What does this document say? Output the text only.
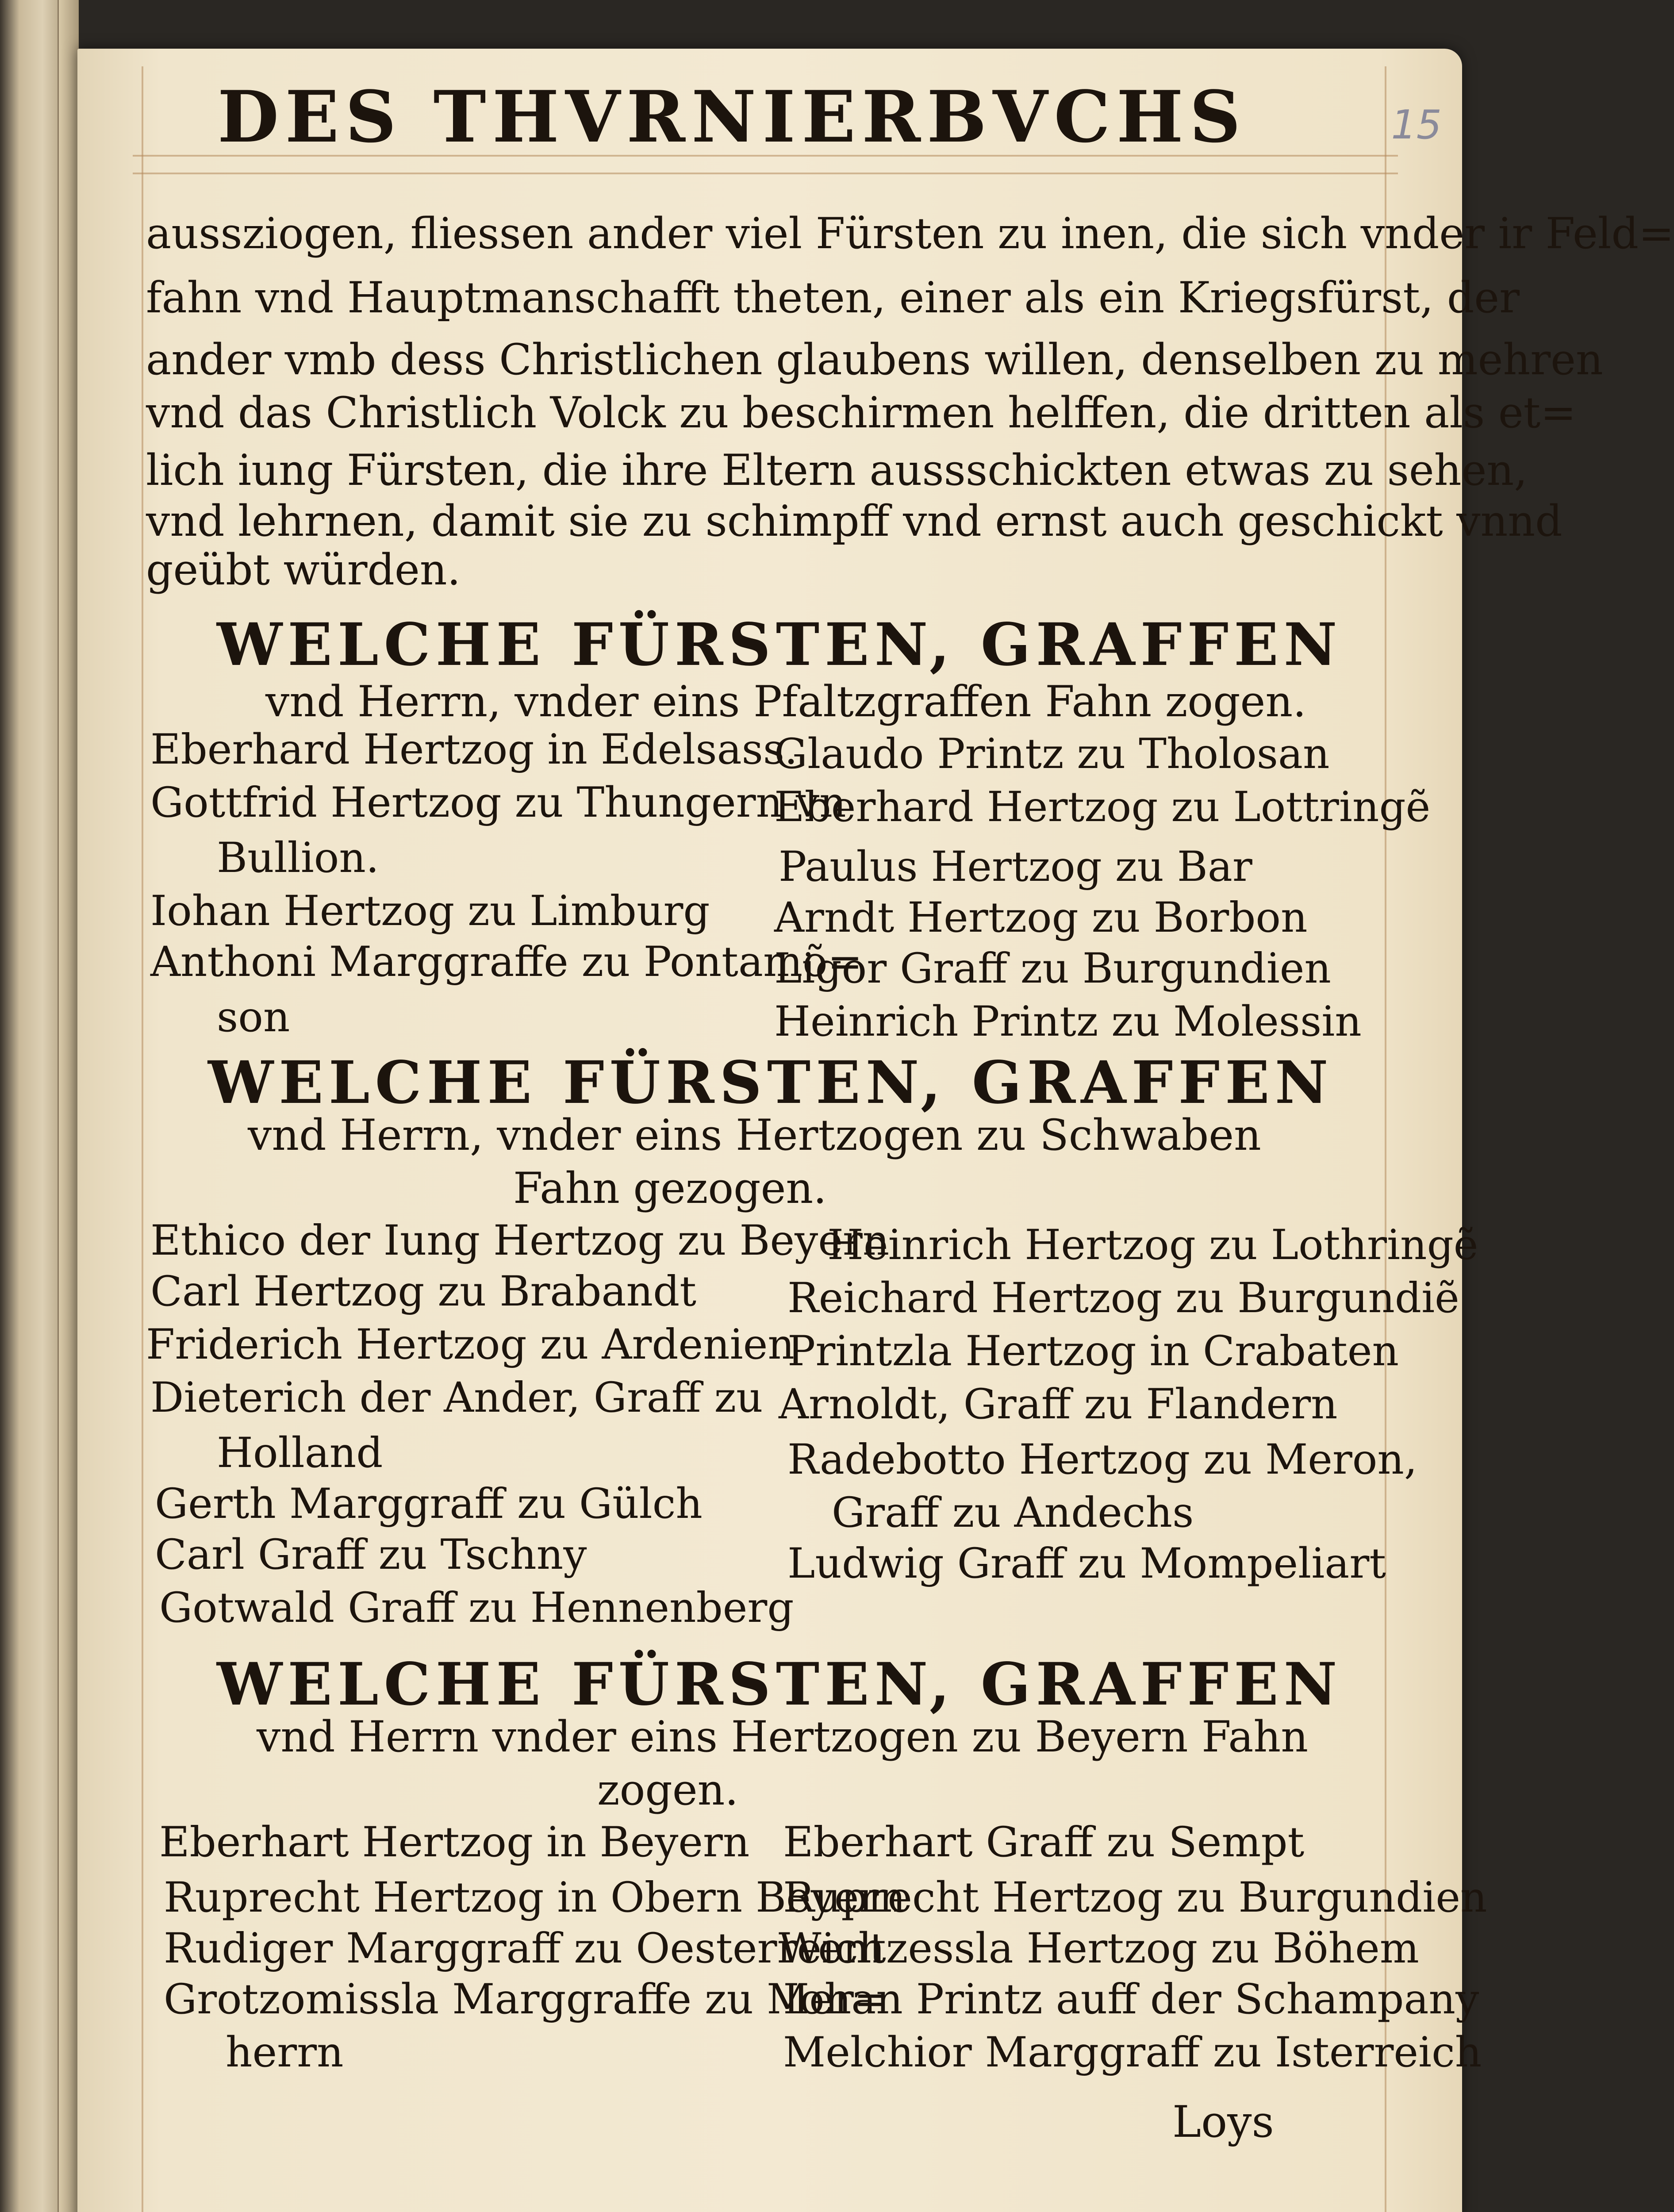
DES THVRNIERBVCHS	15
aussziogen, fliessen ander viel Fürsten zu inen, die sich vnder ir Feld=
fahn vnd Hauptmanschafft theten, einer als ein Kriegsfürst, der
ander vmb dess Christlichen glaubens willen, denselben zu mehren
vnd das Christlich Volck zu beschirmen helffen, die dritten als et=
lich iung Fürsten, die ihre Eltern aussschickten etwas zu sehen,
vnd lehrnen, damit sie zu schimpff vnd ernst auch geschickt vnnd
geübt würden.
WELCHE FÜRSTEN, GRAFFEN
vnd Herrn, vnder eins Pfaltzgraffen Fahn zogen.
Eberhard Hertzog in Edelsass.
Gottfrid Hertzog zu Thungern vn
Bullion.
Iohan Hertzog zu Limburg
Anthoni Marggraffe zu Pontamõ=
son
Glaudo Printz zu Tholosan
Eberhard Hertzog zu Lottringẽ
Paulus Hertzog zu Bar
Arndt Hertzog zu Borbon
Ligor Graff zu Burgundien
Heinrich Printz zu Molessin
WELCHE FÜRSTEN, GRAFFEN
vnd Herrn, vnder eins Hertzogen zu Schwaben
Fahn gezogen.
Ethico der Iung Hertzog zu Beyern
Carl Hertzog zu Brabandt
Friderich Hertzog zu Ardenien
Dieterich der Ander, Graff zu
Holland
Gerth Marggraff zu Gülch
Carl Graff zu Tschny
Gotwald Graff zu Hennenberg
Heinrich Hertzog zu Lothringẽ
Reichard Hertzog zu Burgundiẽ
Printzla Hertzog in Crabaten
Arnoldt, Graff zu Flandern
Radebotto Hertzog zu Meron,
Graff zu Andechs
Ludwig Graff zu Mompeliart
WELCHE FÜRSTEN, GRAFFEN
vnd Herrn vnder eins Hertzogen zu Beyern Fahn
zogen.
Eberhart Hertzog in Beyern
Ruprecht Hertzog in Obern Beyern
Rudiger Marggraff zu Oesterreich
Grotzomissla Marggraffe zu Mer=
herrn
Eberhart Graff zu Sempt
Ruprecht Hertzog zu Burgundien
Wentzessla Hertzog zu Böhem
Iohan Printz auff der Schampany
Melchior Marggraff zu Isterreich
Loys
